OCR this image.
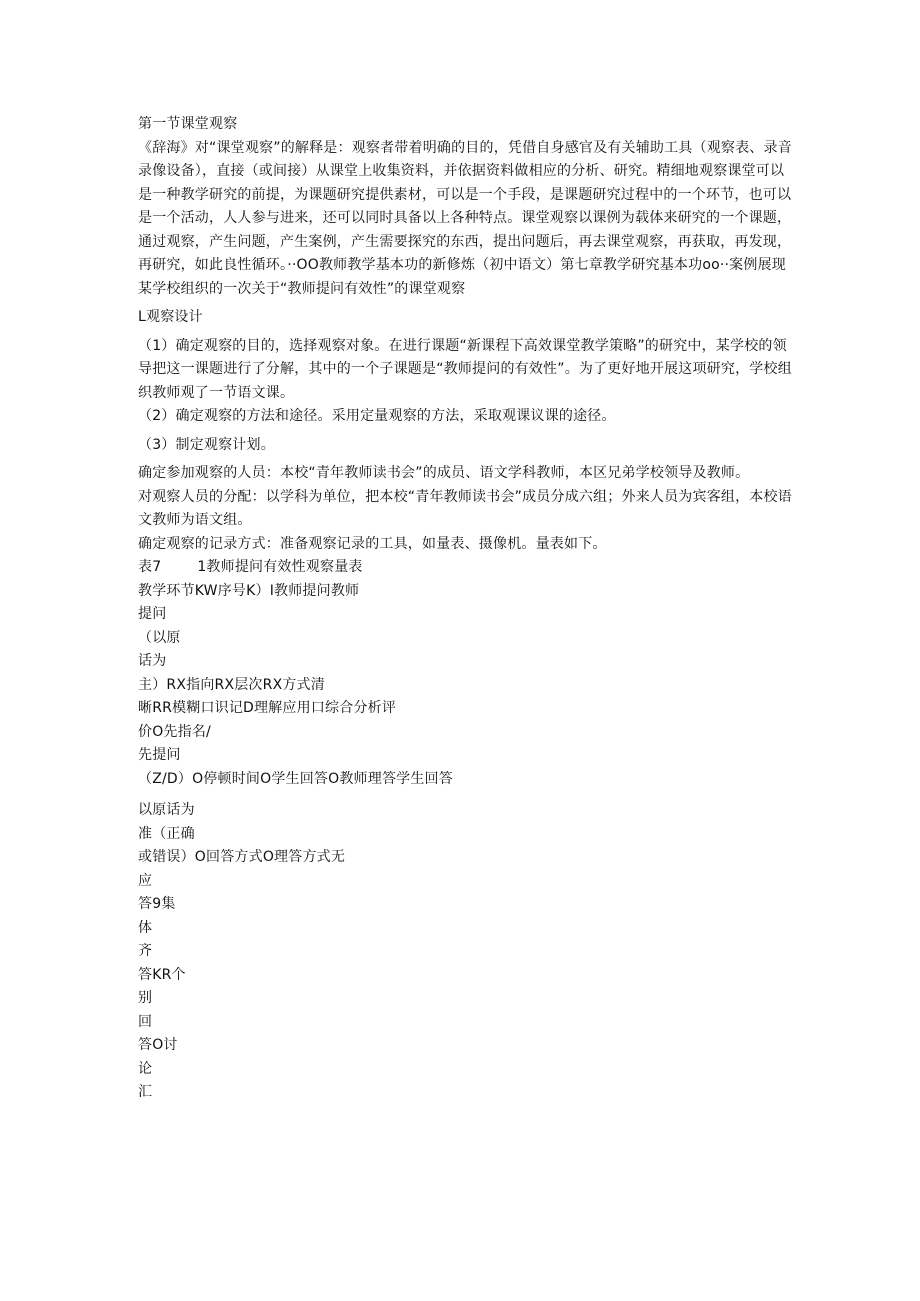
第一节课堂观察

《辞海》对“课堂观察”的解释是：观察者带着明确的目的，凭借自身感官及有关辅助工具（观察表、录音录像设备），直接（或间接）从课堂上收集资料，并依据资料做相应的分析、研究。精细地观察课堂可以是一种教学研究的前提，为课题研究提供素材，可以是一个手段，是课题研究过程中的一个环节，也可以是一个活动，人人参与进来，还可以同时具备以上各种特点。课堂观察以课例为载体来研究的一个课题，通过观察，产生问题，产生案例，产生需要探究的东西，提出问题后，再去课堂观察，再获取，再发现，再研究，如此良性循环。··OO教师教学基本功的新修炼（初中语文）第七章教学研究基本功oo··案例展现某学校组织的一次关于“教师提问有效性”的课堂观察

L观察设计

（1）确定观察的目的，选择观察对象。在进行课题“新课程下高效课堂教学策略”的研究中，某学校的领导把这一课题进行了分解，其中的一个子课题是“教师提问的有效性”。为了更好地开展这项研究，学校组织教师观了一节语文课。

（2）确定观察的方法和途径。采用定量观察的方法，采取观课议课的途径。

（3）制定观察计划。

确定参加观察的人员：本校“青年教师读书会”的成员、语文学科教师，本区兄弟学校领导及教师。

对观察人员的分配：以学科为单位，把本校“青年教师读书会”成员分成六组；外来人员为宾客组，本校语文教师为语文组。

确定观察的记录方式：准备观察记录的工具，如量表、摄像机。量表如下。

表7	1教师提问有效性观察量表

教学环节KW序号K）I教师提问教师

提问

（以原

话为

主）RX指向RX层次RX方式清

晰RR模糊口识记D理解应用口综合分析评

价O先指名/

先提问

（Z/D）O停顿时间O学生回答O教师理答学生回答

以原话为

准（正确

或错误）O回答方式O理答方式无

应

答9集

体

齐

答KR个

别

回

答O讨

论

汇
